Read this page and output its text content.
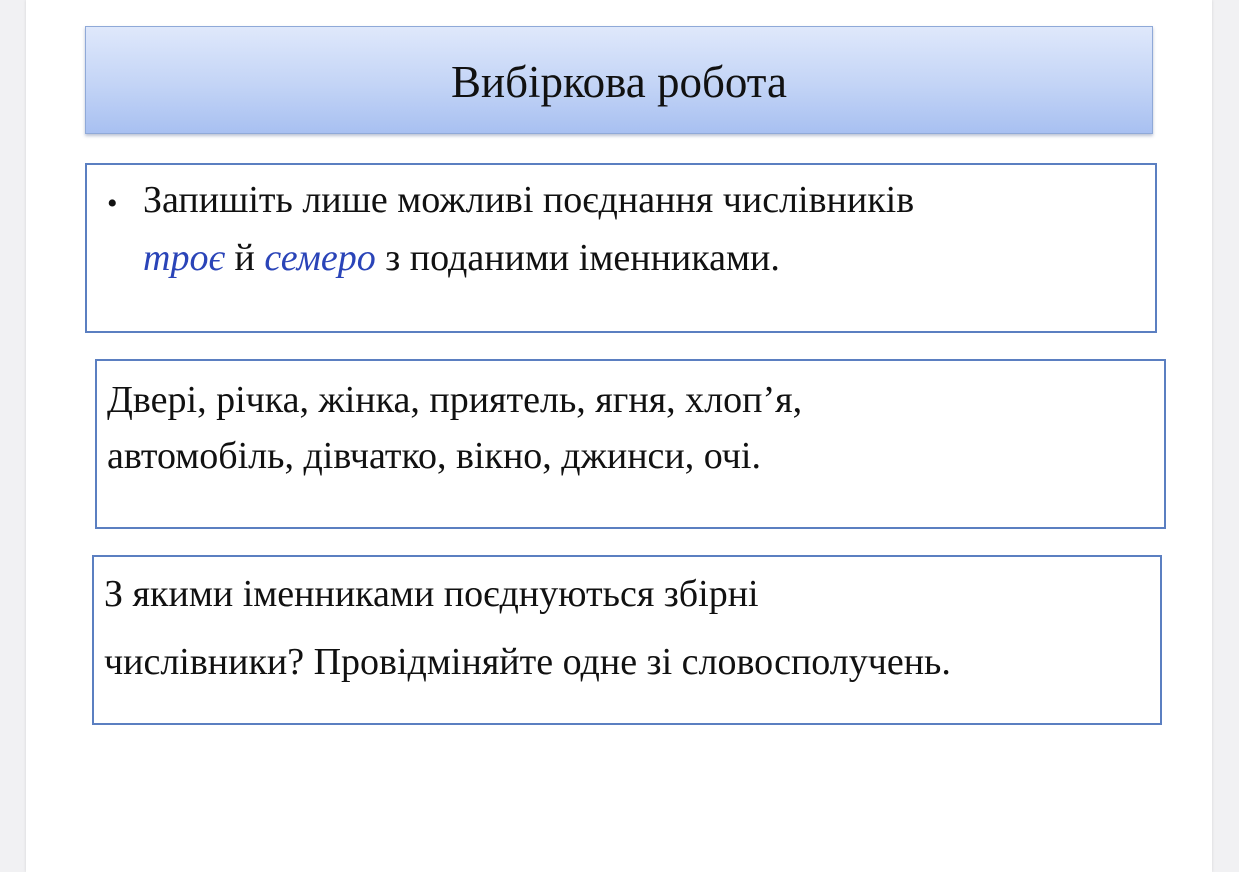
Вибіркова робота
• Запишіть лише можливі поєднання числівників
троє й семеро з поданими іменниками.
Двері, річка, жінка, приятель, ягня, хлоп’я,
автомобіль, дівчатко, вікно, джинси, очі.
З якими іменниками поєднуються збірні
числівники? Провідміняйте одне зі словосполучень.
